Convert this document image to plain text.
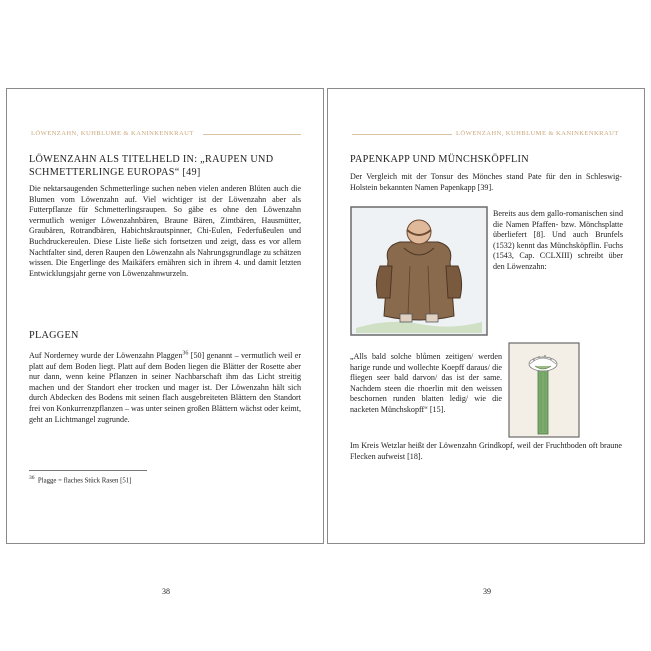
LÖWENZAHN, KUHBLUME & KANINKENKRAUT
LÖWENZAHN ALS TITELHELD IN: „RAUPEN UND SCHMETTERLINGE EUROPAS“ [49]

Die nektarsaugenden Schmetterlinge suchen neben vielen anderen Blüten auch die Blumen vom Löwenzahn auf. Viel wichtiger ist der Löwenzahn aber als Futterpflanze für Schmetterlingsraupen. So gäbe es ohne den Löwenzahn vermutlich weniger Löwenzahnbären, Braune Bären, Zimtbären, Hausmütter, Graubären, Rotrandbären, Habichtskrautspinner, Chi-Eulen, Federfußeulen und Buchdruckereulen. Diese Liste ließe sich fortsetzen und zeigt, dass es vor allem Nachtfalter sind, deren Raupen den Löwenzahn als Nahrungsgrundlage zu schätzen wissen. Die Engerlinge des Maikäfers ernähren sich in ihrem 4. und damit letzten Entwicklungsjahr gerne von Löwenzahnwurzeln.

PLAGGEN

Auf Norderney wurde der Löwenzahn Plaggen$^{36}$ [50] genannt – vermutlich weil er platt auf dem Boden liegt. Platt auf dem Boden liegen die Blätter der Rosette aber nur dann, wenn keine Pflanzen in seiner Nachbarschaft ihm das Licht streitig machen und der Standort eher trocken und mager ist. Der Löwenzahn hält sich durch Abdecken des Bodens mit seinen flach ausgebreiteten Blättern den Standort frei von Konkurrenzpflanzen – was unter seinen großen Blättern wächst oder keimt, geht an Lichtmangel zugrunde.

$^{36}$ Plagge = flaches Stück Rasen [51]

38
LÖWENZAHN, KUHBLUME & KANINKENKRAUT
PAPENKAPP UND MÜNCHSKÖPFLIN

Der Vergleich mit der Tonsur des Mönches stand Pate für den in Schleswig-Holstein bekannten Namen Papenkapp [39].

Bereits aus dem gallo-romanischen sind die Namen Pfaffen- bzw. Mönchsplatte überliefert [8]. Und auch Brunfels (1532) kennt das Münchsköpflin. Fuchs (1543, Cap. CCLXIII) schreibt über den Löwenzahn:

Im Kreis Wetzlar heißt der Löwenzahn Grindkopf, weil der Fruchtboden oft braune Flecken aufweist [18].

„Alls bald solche blůmen zeitigen/ werden harige runde und wollechte Koepff daraus/ die fliegen seer bald darvon/ das ist der same. Nachdem steen die rhoerlin mit den weissen beschornen runden blatten ledig/ wie die nacketen Münchskopff“ [15].

39
